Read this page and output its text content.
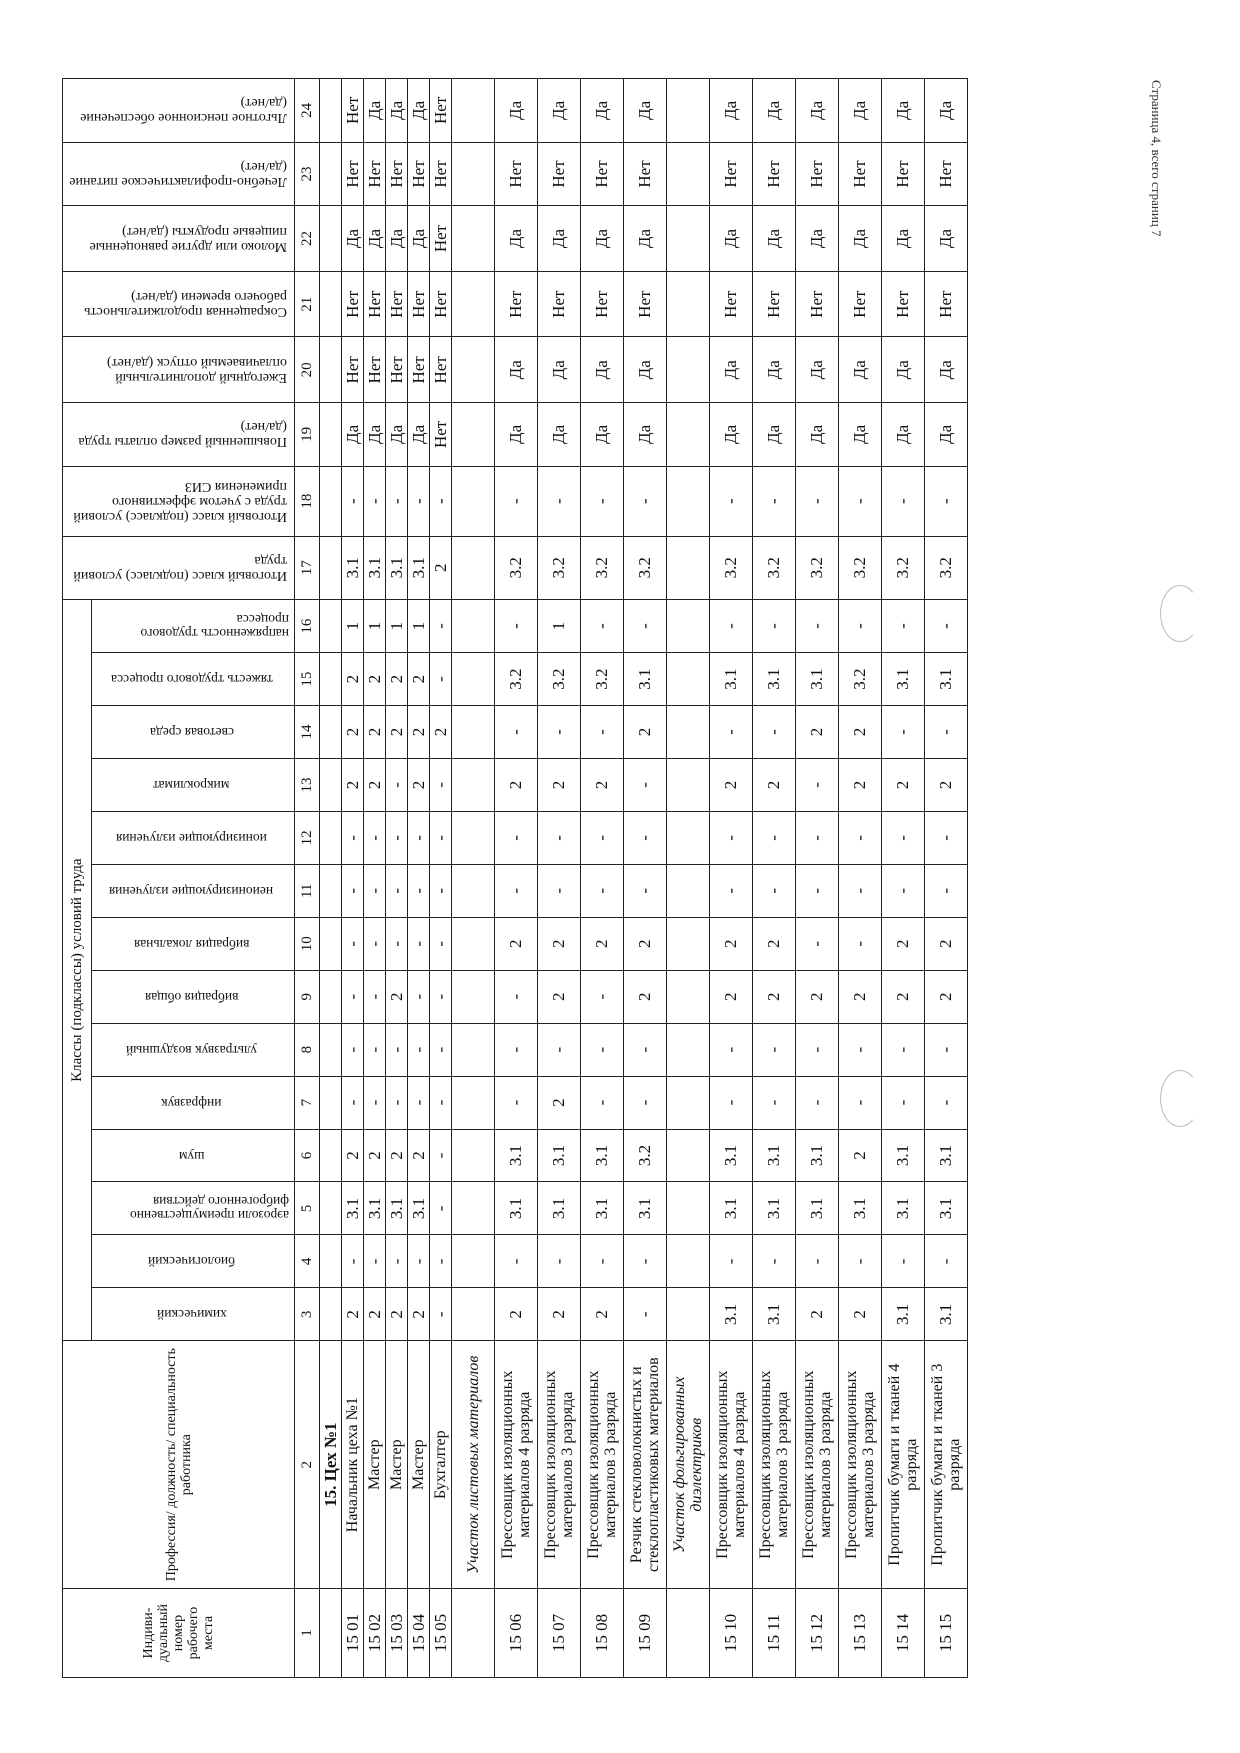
Индиви-дуальный номер рабочего места	Профессия/ должность/ специальность работника	Классы (подклассы) условий труда														Итоговый класс (подкласс) условий труда	Итоговый класс (подкласс) условий труда с учетом эффективного применения СИЗ	Повышенный размер оплаты труда (да/нет)	Ежегодный дополнительный оплачиваемый отпуск (да/нет)	Сокращенная продолжительность рабочего времени (да/нет)	Молоко или другие равноценные пищевые продукты (да/нет)	Лечебно-профилактическое питание (да/нет)	Льготное пенсионное обеспечение (да/нет)
		химический	биологический	аэрозоли преимущественно фиброгенного действия	шум	инфразвук	ультразвук воздушный	вибрация общая	вибрация локальная	неионизирующие излучения	ионизирующие излучения	микроклимат	световая среда	тяжесть трудового процесса	напряженность трудового процесса								
1	2	3	4	5	6	7	8	9	10	11	12	13	14	15	16	17	18	19	20	21	22	23	24
	15. Цех №1																						
15 01	Начальник цеха №1	2	-	3.1	2	-	-	-	-	-	-	2	2	2	1	3.1	-	Да	Нет	Нет	Да	Нет	Нет
15 02	Мастер	2	-	3.1	2	-	-	-	-	-	-	2	2	2	1	3.1	-	Да	Нет	Нет	Да	Нет	Да
15 03	Мастер	2	-	3.1	2	-	-	2	-	-	-	-	2	2	1	3.1	-	Да	Нет	Нет	Да	Нет	Да
15 04	Мастер	2	-	3.1	2	-	-	-	-	-	-	2	2	2	1	3.1	-	Да	Нет	Нет	Да	Нет	Да
15 05	Бухгалтер	-	-	-	-	-	-	-	-	-	-	-	2	-	-	2	-	Нет	Нет	Нет	Нет	Нет	Нет
	Участок листовых материалов																						
15 06	Прессовщик изоляционных материалов 4 разряда	2	-	3.1	3.1	-	-	-	2	-	-	2	-	3.2	-	3.2	-	Да	Да	Нет	Да	Нет	Да
15 07	Прессовщик изоляционных материалов 3 разряда	2	-	3.1	3.1	2	-	2	2	-	-	2	-	3.2	1	3.2	-	Да	Да	Нет	Да	Нет	Да
15 08	Прессовщик изоляционных материалов 3 разряда	2	-	3.1	3.1	-	-	-	2	-	-	2	-	3.2	-	3.2	-	Да	Да	Нет	Да	Нет	Да
15 09	Резчик стекловолокнистых и стеклопластиковых материалов	-	-	3.1	3.2	-	-	2	2	-	-	-	2	3.1	-	3.2	-	Да	Да	Нет	Да	Нет	Да
	Участок фольгированных диэлектриков																						
15 10	Прессовщик изоляционных материалов 4 разряда	3.1	-	3.1	3.1	-	-	2	2	-	-	2	-	3.1	-	3.2	-	Да	Да	Нет	Да	Нет	Да
15 11	Прессовщик изоляционных материалов 3 разряда	3.1	-	3.1	3.1	-	-	2	2	-	-	2	-	3.1	-	3.2	-	Да	Да	Нет	Да	Нет	Да
15 12	Прессовщик изоляционных материалов 3 разряда	2	-	3.1	3.1	-	-	2	-	-	-	-	2	3.1	-	3.2	-	Да	Да	Нет	Да	Нет	Да
15 13	Прессовщик изоляционных материалов 3 разряда	2	-	3.1	2	-	-	2	-	-	-	2	2	3.2	-	3.2	-	Да	Да	Нет	Да	Нет	Да
15 14	Пропитчик бумаги и тканей 4 разряда	3.1	-	3.1	3.1	-	-	2	2	-	-	2	-	3.1	-	3.2	-	Да	Да	Нет	Да	Нет	Да
15 15	Пропитчик бумаги и тканей 3 разряда	3.1	-	3.1	3.1	-	-	2	2	-	-	2	-	3.1	-	3.2	-	Да	Да	Нет	Да	Нет	Да	Страница 4, всего страниц 7
